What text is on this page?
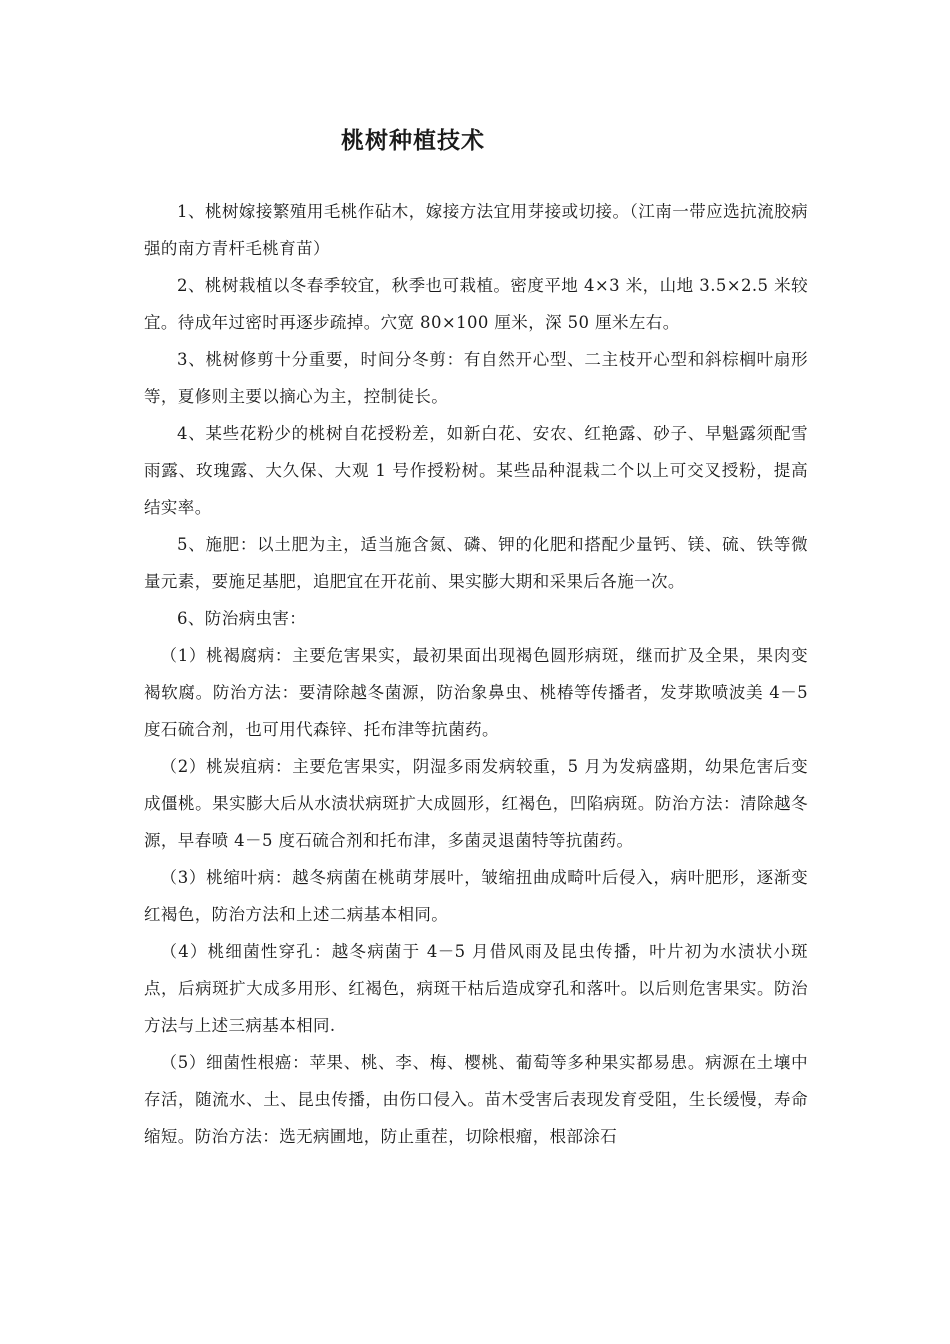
桃树种植技术

1、桃树嫁接繁殖用毛桃作砧木，嫁接方法宜用芽接或切接。（江南一带应选抗流胶病强的南方青杆毛桃育苗）

2、桃树栽植以冬春季较宜，秋季也可栽植。密度平地 4×3 米，山地 3.5×2.5 米较宜。待成年过密时再逐步疏掉。穴宽 80×100 厘米，深 50 厘米左右。

3、桃树修剪十分重要，时间分冬剪：有自然开心型、二主枝开心型和斜棕榈叶扇形等，夏修则主要以摘心为主，控制徒长。

4、某些花粉少的桃树自花授粉差，如新白花、安农、红艳露、砂子、早魁露须配雪雨露、玫瑰露、大久保、大观 1 号作授粉树。某些品种混栽二个以上可交叉授粉，提高结实率。

5、施肥：以土肥为主，适当施含氮、磷、钾的化肥和搭配少量钙、镁、硫、铁等微量元素，要施足基肥，追肥宜在开花前、果实膨大期和采果后各施一次。

6、防治病虫害：

（1）桃褐腐病：主要危害果实，最初果面出现褐色圆形病斑，继而扩及全果，果肉变褐软腐。防治方法：要清除越冬菌源，防治象鼻虫、桃椿等传播者，发芽欺喷波美 4－5 度石硫合剂，也可用代森锌、托布津等抗菌药。

（2）桃炭疽病：主要危害果实，阴湿多雨发病较重，5 月为发病盛期，幼果危害后变成僵桃。果实膨大后从水渍状病斑扩大成圆形，红褐色，凹陷病斑。防治方法：清除越冬源，早春喷 4－5 度石硫合剂和托布津，多菌灵退菌特等抗菌药。

（3）桃缩叶病：越冬病菌在桃萌芽展叶，皱缩扭曲成畸叶后侵入，病叶肥形，逐渐变红褐色，防治方法和上述二病基本相同。

（4）桃细菌性穿孔：越冬病菌于 4－5 月借风雨及昆虫传播，叶片初为水渍状小斑点，后病斑扩大成多用形、红褐色，病斑干枯后造成穿孔和落叶。以后则危害果实。防治方法与上述三病基本相同.

（5）细菌性根癌：苹果、桃、李、梅、樱桃、葡萄等多种果实都易患。病源在土壤中存活，随流水、土、昆虫传播，由伤口侵入。苗木受害后表现发育受阻，生长缓慢，寿命缩短。防治方法：选无病圃地，防止重茬，切除根瘤，根部涂石
